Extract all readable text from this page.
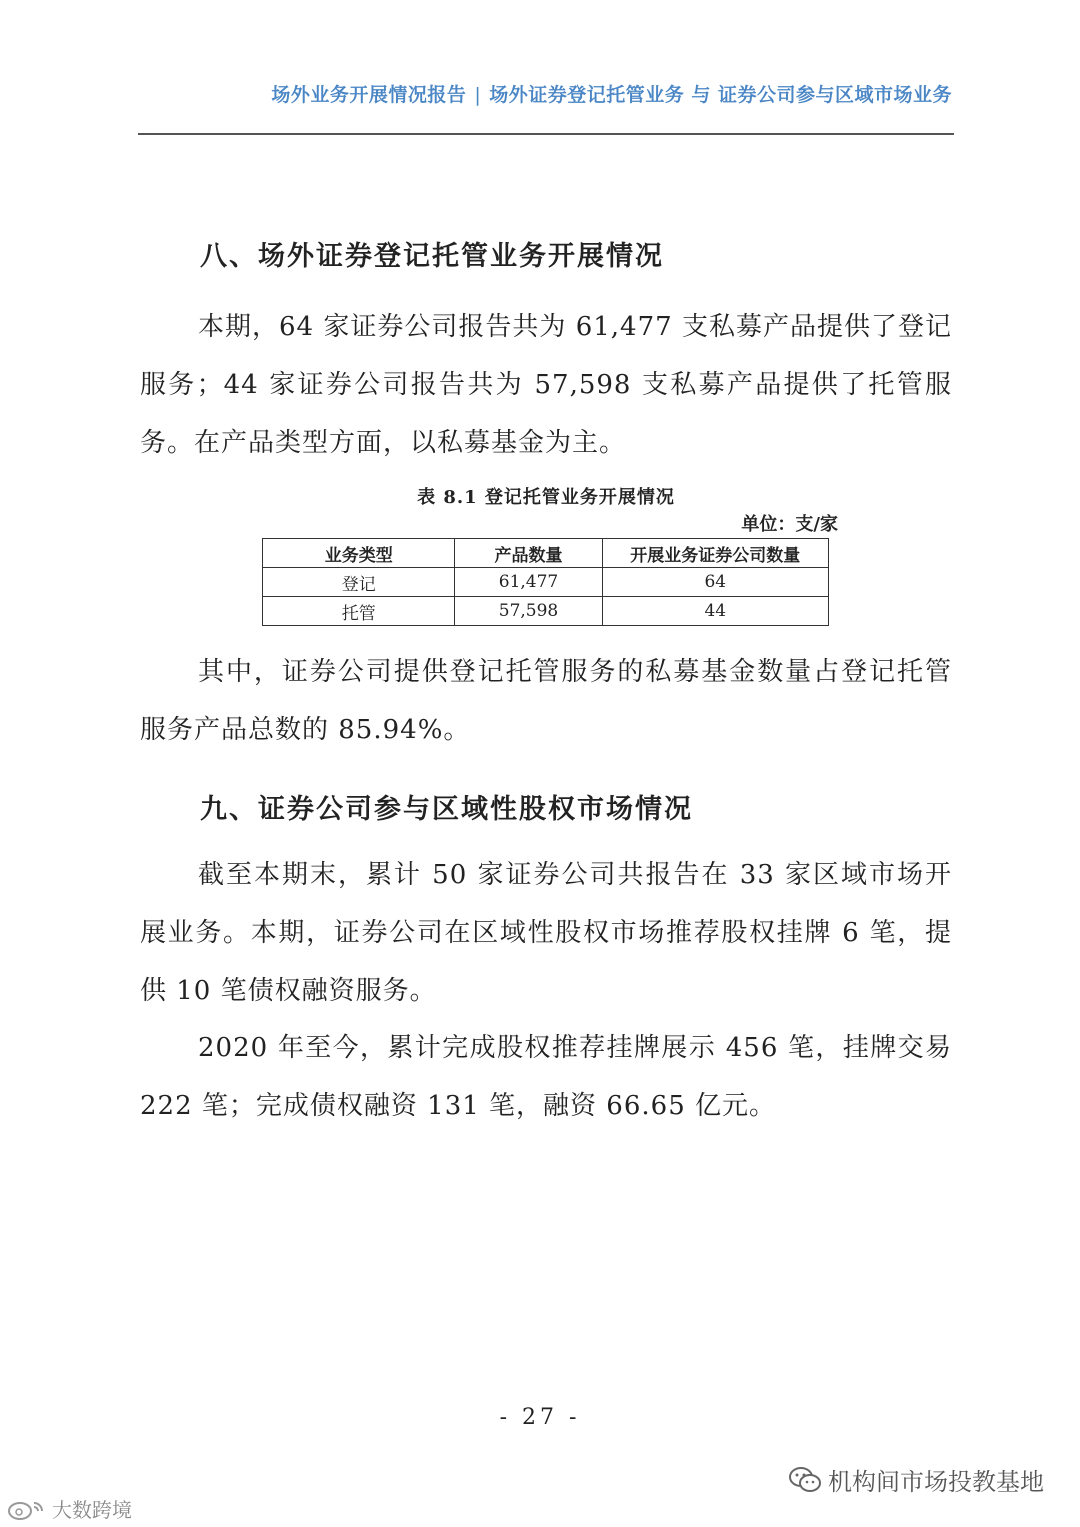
场外业务开展情况报告 | 场外证券登记托管业务 与 证券公司参与区域市场业务
八、场外证券登记托管业务开展情况

本期，64 家证券公司报告共为 61,477 支私募产品提供了登记服务；44 家证券公司报告共为 57,598 支私募产品提供了托管服务。在产品类型方面，以私募基金为主。

表 8.1 登记托管业务开展情况
单位：支/家
业务类型	产品数量	开展业务证券公司数量
登记	61,477	64
托管	57,598	44

其中，证券公司提供登记托管服务的私募基金数量占登记托管服务产品总数的 85.94%。

九、证券公司参与区域性股权市场情况

截至本期末，累计 50 家证券公司共报告在 33 家区域市场开展业务。本期，证券公司在区域性股权市场推荐股权挂牌 6 笔，提供 10 笔债权融资服务。

2020 年至今，累计完成股权推荐挂牌展示 456 笔，挂牌交易 222 笔；完成债权融资 131 笔，融资 66.65 亿元。

- 27 -
机构间市场投教基地
大数跨境
